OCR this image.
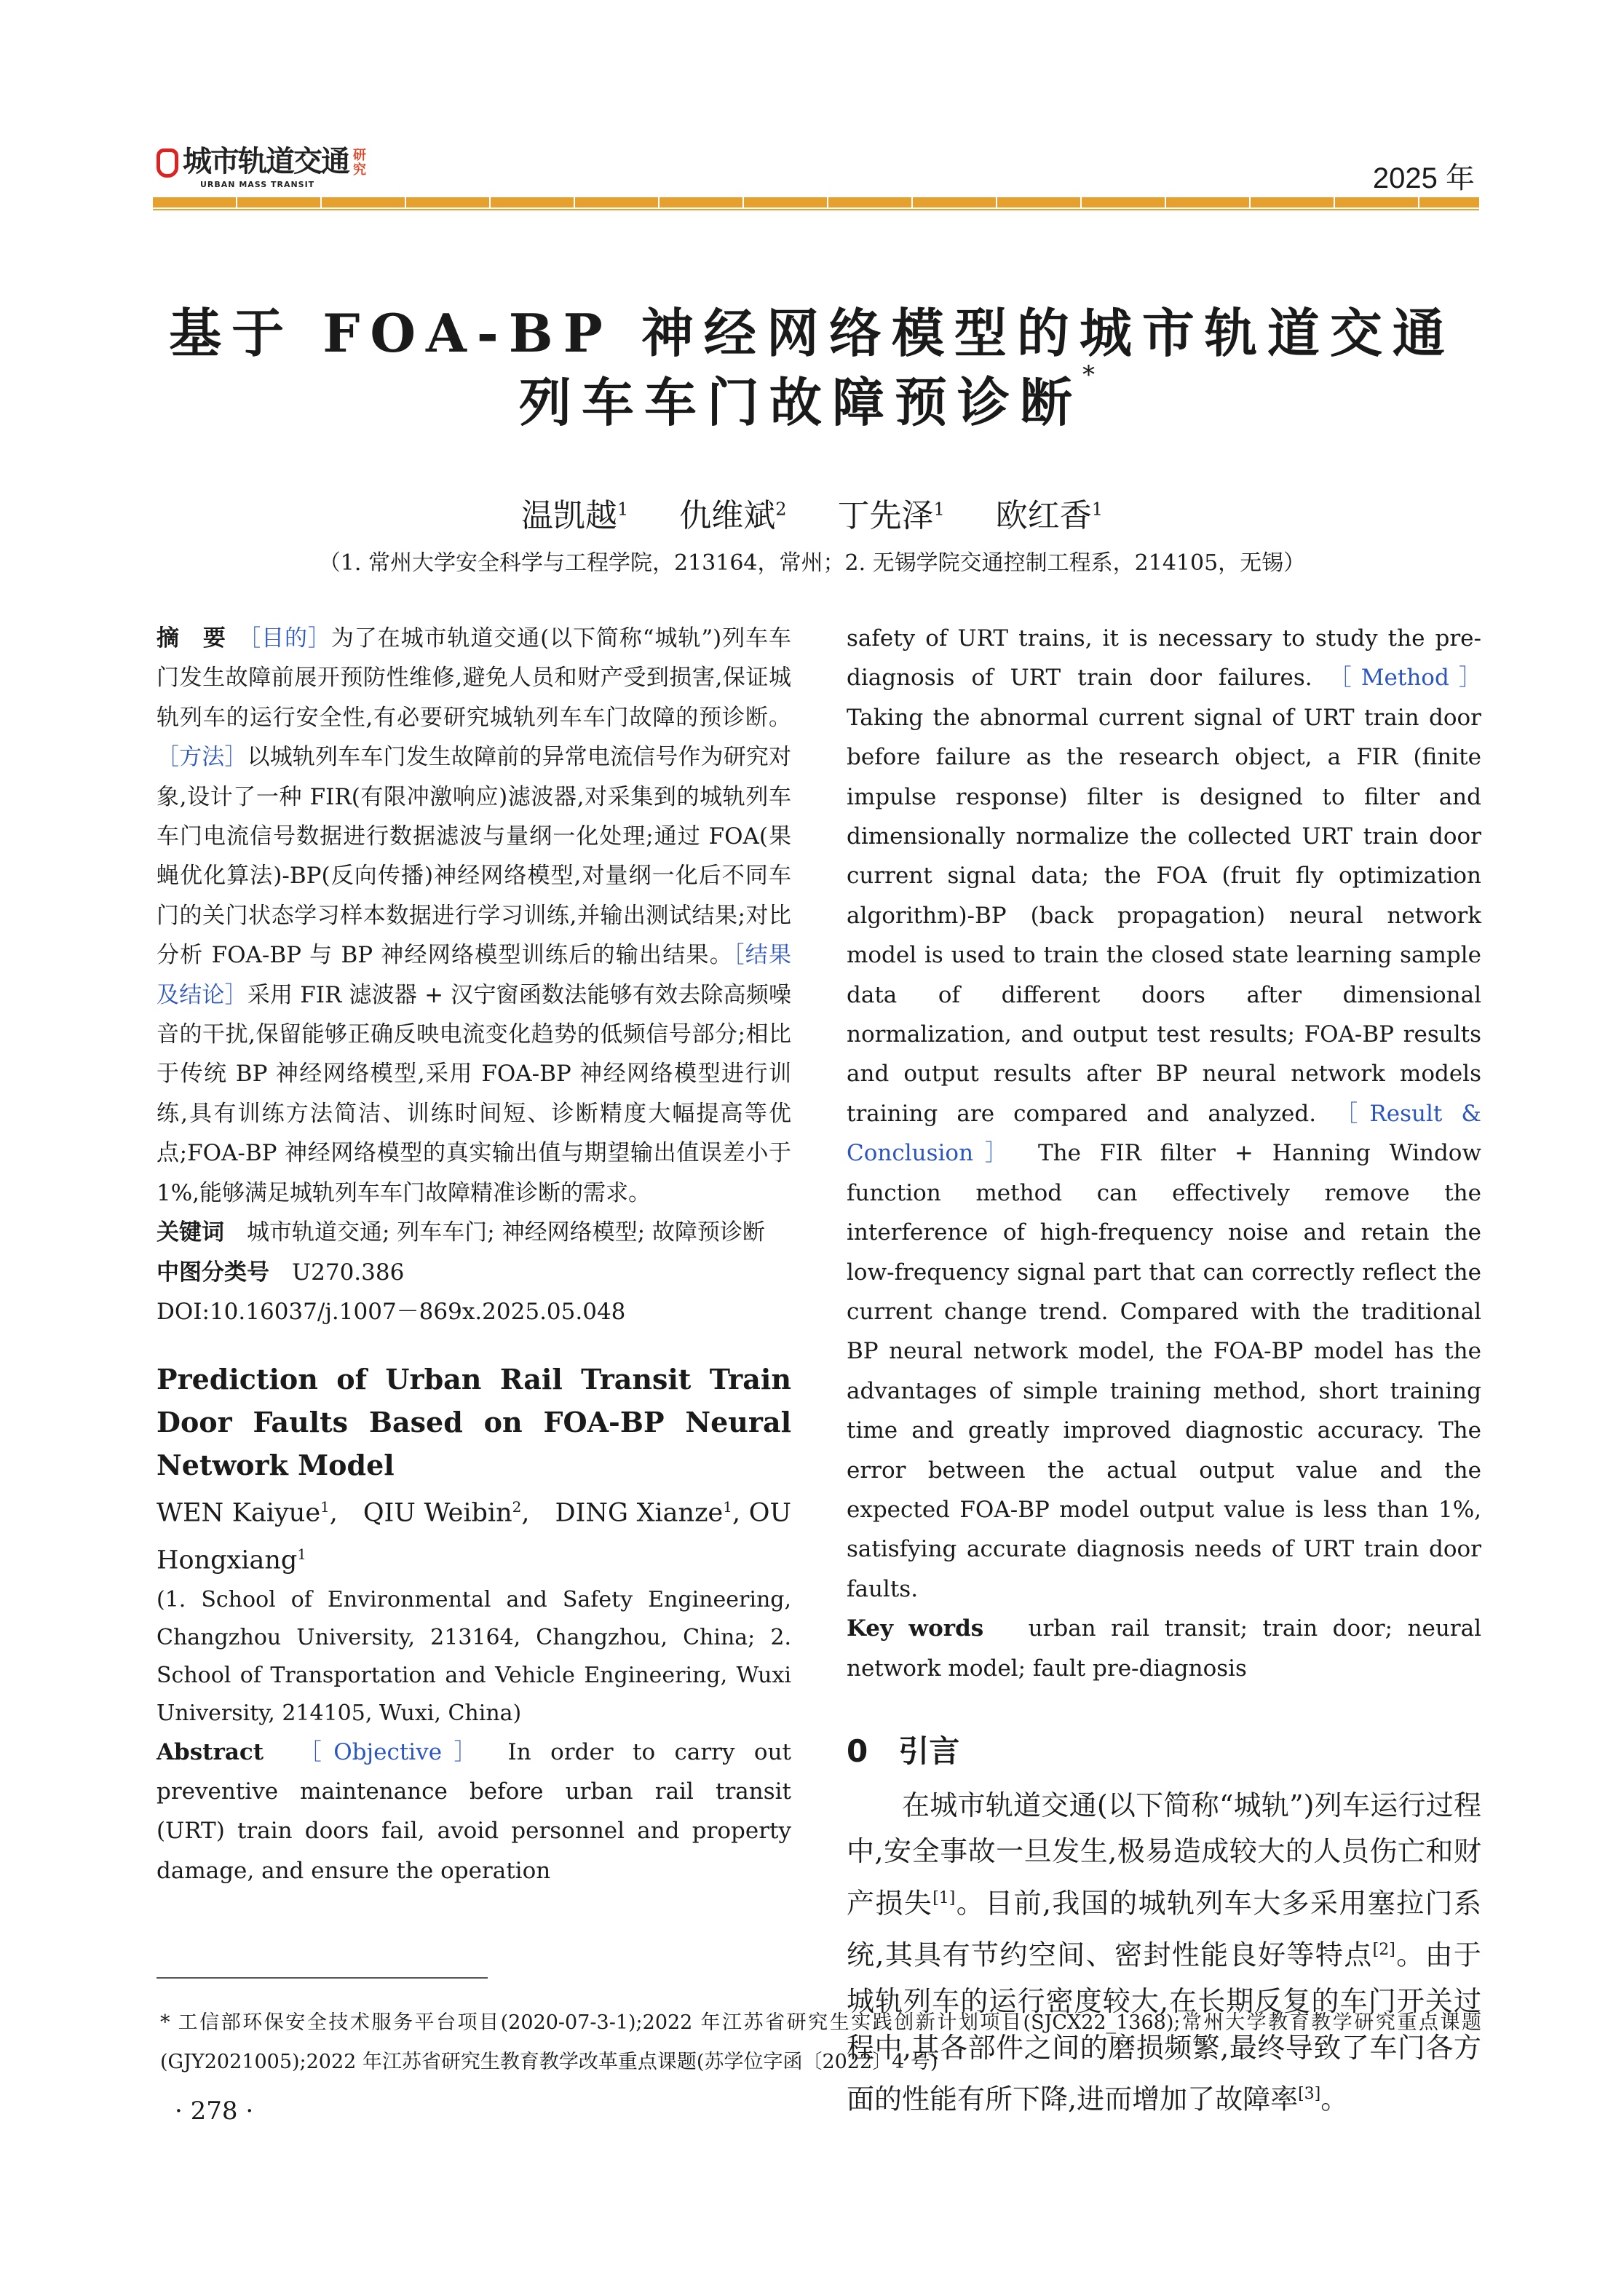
城市轨道交通 研究
URBAN MASS TRANSIT	2025 年
基于 FOA-BP 神经网络模型的城市轨道交通
列车车门故障预诊断*
温凯越$^1$ 仇维斌$^2$ 丁先泽$^1$ 欧红香$^1$
（1. 常州大学安全科学与工程学院，213164，常州；2. 无锡学院交通控制工程系，214105，无锡）

摘　要　［目的］为了在城市轨道交通(以下简称“城轨”)列车车门发生故障前展开预防性维修,避免人员和财产受到损害,保证城轨列车的运行安全性,有必要研究城轨列车车门故障的预诊断。［方法］以城轨列车车门发生故障前的异常电流信号作为研究对象,设计了一种 FIR(有限冲激响应)滤波器,对采集到的城轨列车车门电流信号数据进行数据滤波与量纲一化处理;通过 FOA(果蝇优化算法)-BP(反向传播)神经网络模型,对量纲一化后不同车门的关门状态学习样本数据进行学习训练,并输出测试结果;对比分析 FOA-BP 与 BP 神经网络模型训练后的输出结果。［结果及结论］采用 FIR 滤波器 + 汉宁窗函数法能够有效去除高频噪音的干扰,保留能够正确反映电流变化趋势的低频信号部分;相比于传统 BP 神经网络模型,采用 FOA-BP 神经网络模型进行训练,具有训练方法简洁、训练时间短、诊断精度大幅提高等优点;FOA-BP 神经网络模型的真实输出值与期望输出值误差小于 1%,能够满足城轨列车车门故障精准诊断的需求。

关键词　 城市轨道交通; 列车车门; 神经网络模型; 故障预诊断

中图分类号　 U270.386

DOI:10.16037/j.1007－869x.2025.05.048

Prediction of Urban Rail Transit Train Door Faults Based on FOA-BP Neural Network Model

WEN Kaiyue$^1$,   QIU Weibin$^2$,   DING Xianze$^1$, OU Hongxiang$^1$

(1. School of Environmental and Safety Engineering, Changzhou University, 213164, Changzhou, China; 2. School of Transportation and Vehicle Engineering, Wuxi University, 214105, Wuxi, China)

Abstract　［Objective］ In order to carry out preventive maintenance before urban rail transit (URT) train doors fail, avoid personnel and property damage, and ensure the operation

safety of URT trains, it is necessary to study the pre-diagnosis of URT train door failures. ［Method］ Taking the abnormal current signal of URT train door before failure as the research object, a FIR (finite impulse response) filter is designed to filter and dimensionally normalize the collected URT train door current signal data; the FOA (fruit fly optimization algorithm)-BP (back propagation) neural network model is used to train the closed state learning sample data of different doors after dimensional normalization, and output test results; FOA-BP results and output results after BP neural network models training are compared and analyzed. ［Result & Conclusion］ The FIR filter + Hanning Window function method can effectively remove the interference of high-frequency noise and retain the low-frequency signal part that can correctly reflect the current change trend. Compared with the traditional BP neural network model, the FOA-BP model has the advantages of simple training method, short training time and greatly improved diagnostic accuracy. The error between the actual output value and the expected FOA-BP model output value is less than 1%, satisfying accurate diagnosis needs of URT train door faults.

Key words urban rail transit; train door; neural network model; fault pre-diagnosis

0　引言

在城市轨道交通(以下简称“城轨”)列车运行过程中,安全事故一旦发生,极易造成较大的人员伤亡和财产损失[1]。目前,我国的城轨列车大多采用塞拉门系统,其具有节约空间、密封性能良好等特点[2]。由于城轨列车的运行密度较大,在长期反复的车门开关过程中,其各部件之间的磨损频繁,最终导致了车门各方面的性能有所下降,进而增加了故障率[3]。

* 工信部环保安全技术服务平台项目(2020-07-3-1);2022 年江苏省研究生实践创新计划项目(SJCX22_1368);常州大学教育教学研究重点课题(GJY2021005);2022 年江苏省研究生教育教学改革重点课题(苏学位字函〔2022〕4 号)
· 278 ·
